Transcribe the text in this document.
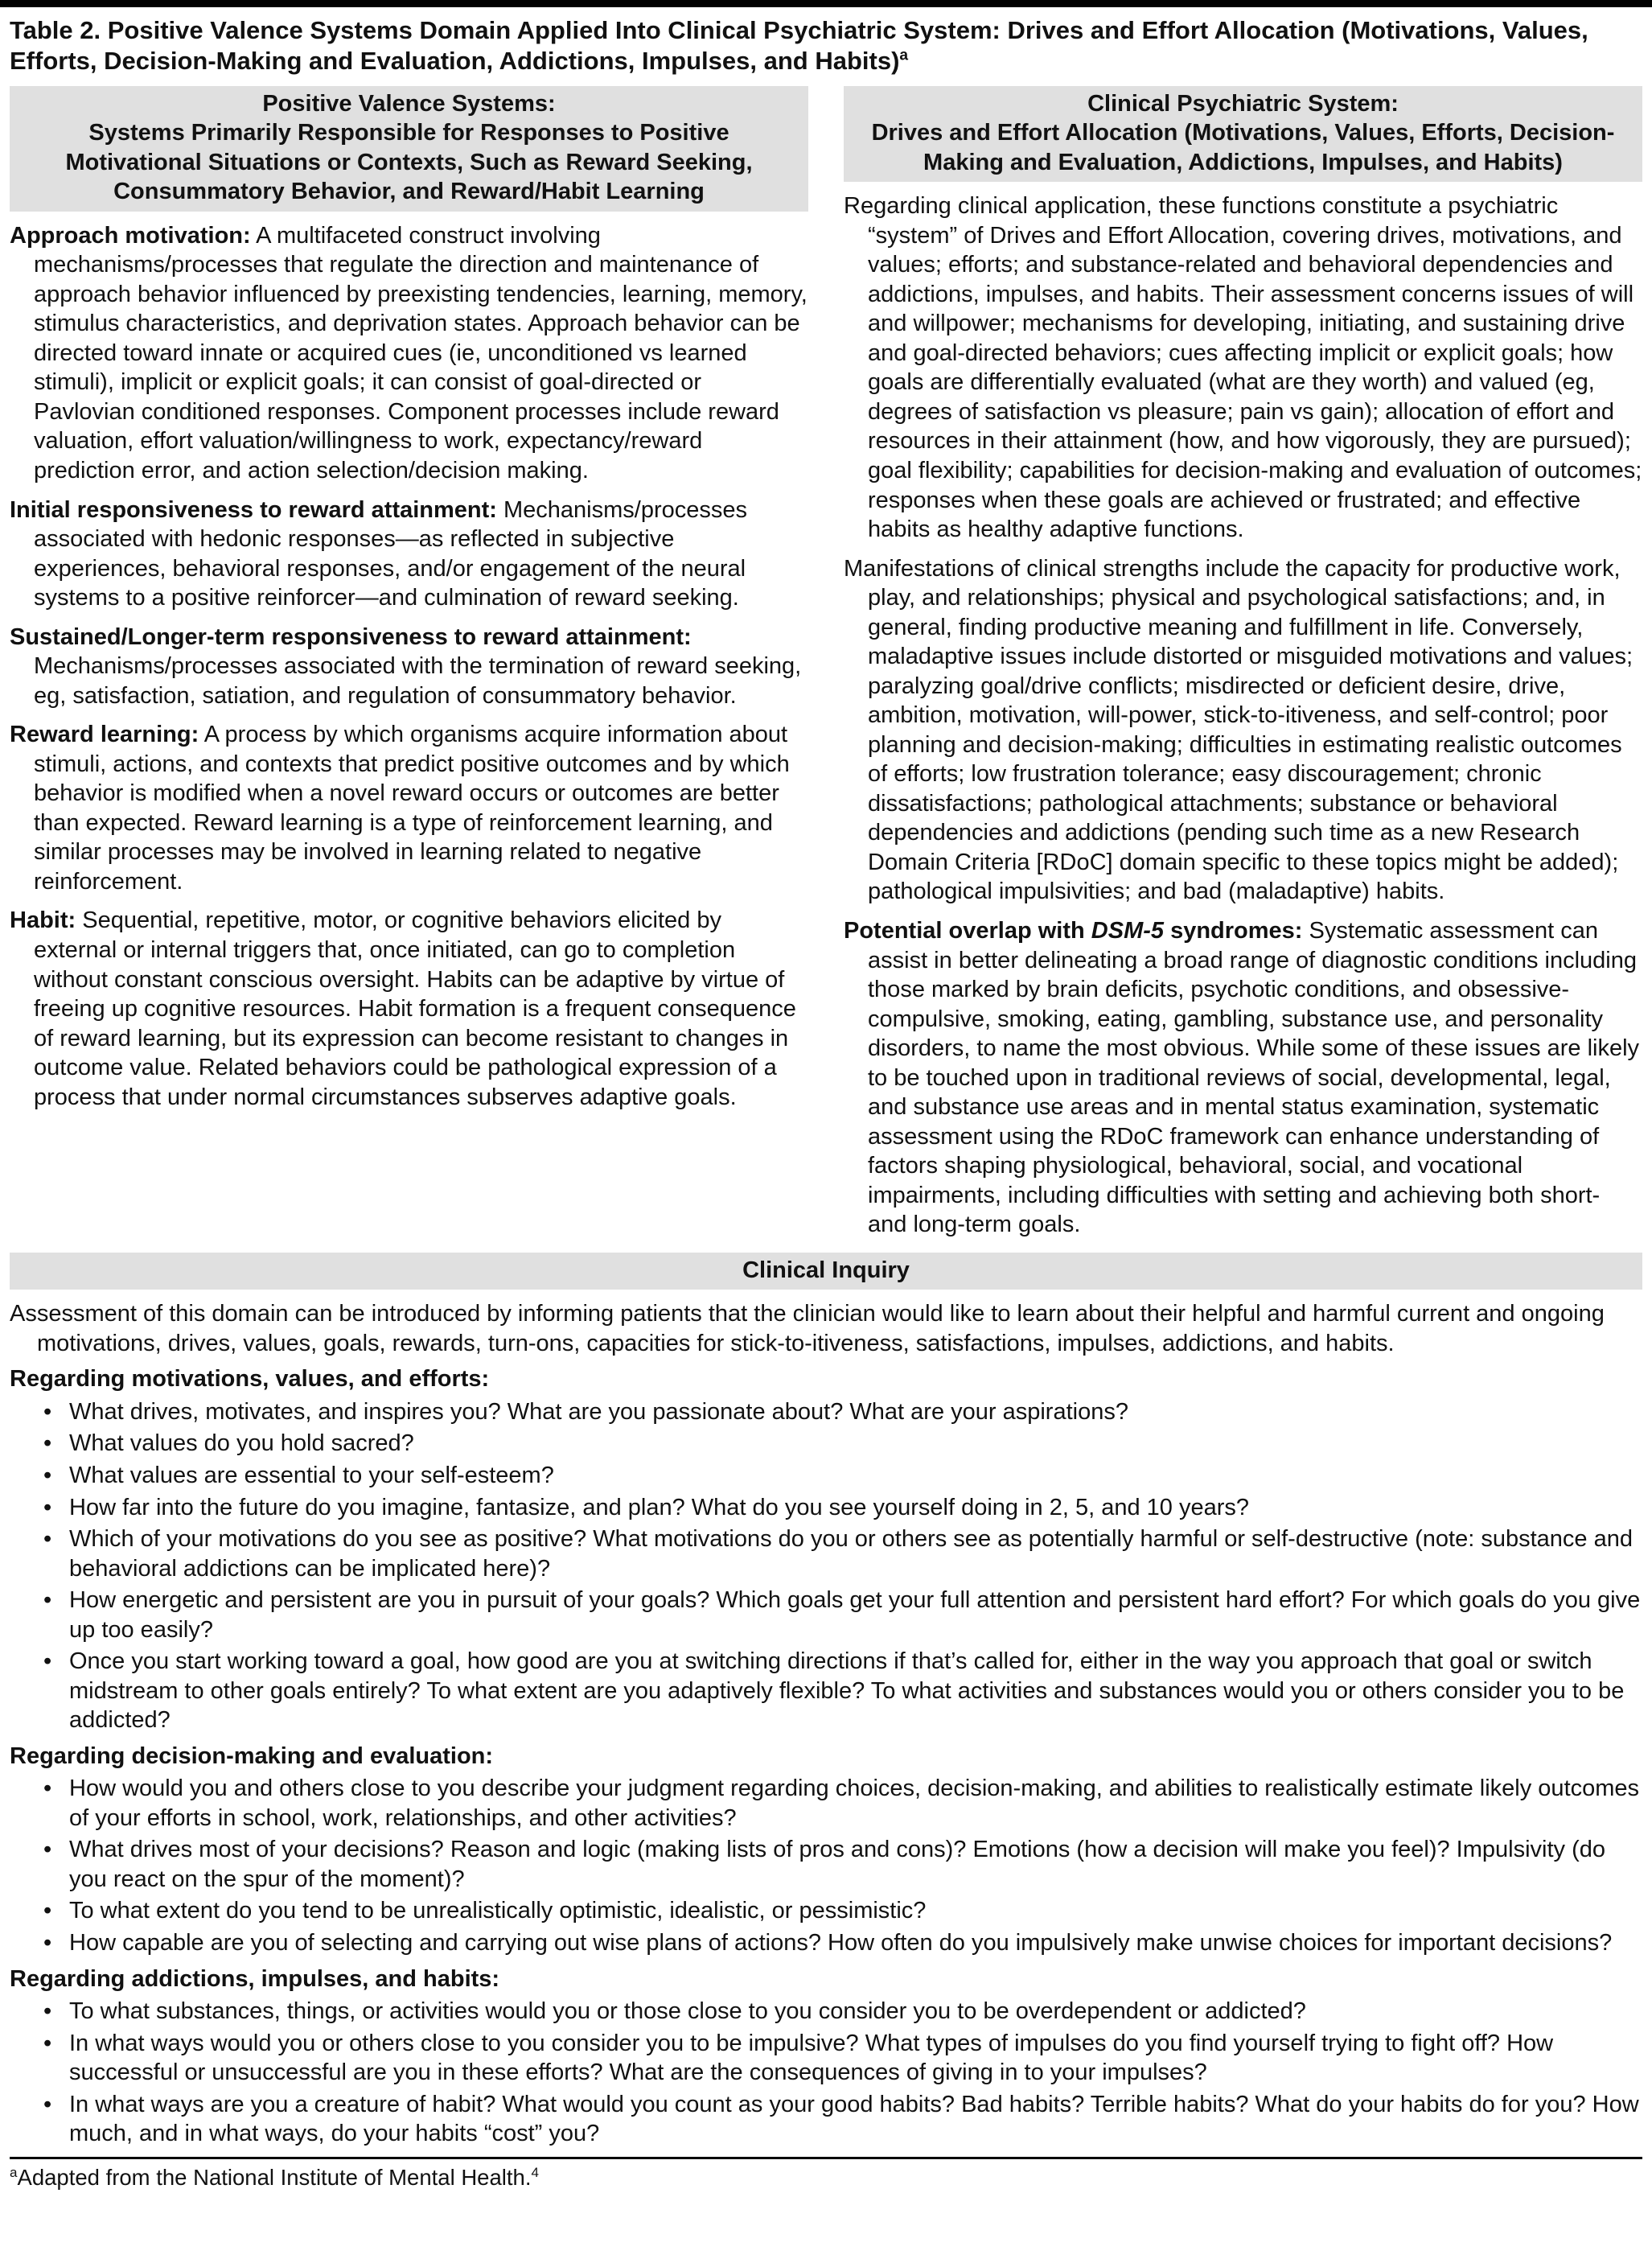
Table 2. Positive Valence Systems Domain Applied Into Clinical Psychiatric System: Drives and Effort Allocation (Motivations, Values, Efforts, Decision-Making and Evaluation, Addictions, Impulses, and Habits)$^a$
Positive Valence Systems:
Systems Primarily Responsible for Responses to Positive Motivational Situations or Contexts, Such as Reward Seeking, Consummatory Behavior, and Reward/Habit Learning

Approach motivation: A multifaceted construct involving mechanisms/processes that regulate the direction and maintenance of approach behavior influenced by preexisting tendencies, learning, memory, stimulus characteristics, and deprivation states. Approach behavior can be directed toward innate or acquired cues (ie, unconditioned vs learned stimuli), implicit or explicit goals; it can consist of goal-directed or Pavlovian conditioned responses. Component processes include reward valuation, effort valuation/willingness to work, expectancy/reward prediction error, and action selection/decision making.

Initial responsiveness to reward attainment: Mechanisms/processes associated with hedonic responses—as reflected in subjective experiences, behavioral responses, and/or engagement of the neural systems to a positive reinforcer—and culmination of reward seeking.

Sustained/Longer-term responsiveness to reward attainment: Mechanisms/processes associated with the termination of reward seeking, eg, satisfaction, satiation, and regulation of consummatory behavior.

Reward learning: A process by which organisms acquire information about stimuli, actions, and contexts that predict positive outcomes and by which behavior is modified when a novel reward occurs or outcomes are better than expected. Reward learning is a type of reinforcement learning, and similar processes may be involved in learning related to negative reinforcement.

Habit: Sequential, repetitive, motor, or cognitive behaviors elicited by external or internal triggers that, once initiated, can go to completion without constant conscious oversight. Habits can be adaptive by virtue of freeing up cognitive resources. Habit formation is a frequent consequence of reward learning, but its expression can become resistant to changes in outcome value. Related behaviors could be pathological expression of a process that under normal circumstances subserves adaptive goals.

Clinical Psychiatric System:
Drives and Effort Allocation (Motivations, Values, Efforts, Decision-Making and Evaluation, Addictions, Impulses, and Habits)

Regarding clinical application, these functions constitute a psychiatric “system” of Drives and Effort Allocation, covering drives, motivations, and values; efforts; and substance-related and behavioral dependencies and addictions, impulses, and habits. Their assessment concerns issues of will and willpower; mechanisms for developing, initiating, and sustaining drive and goal-directed behaviors; cues affecting implicit or explicit goals; how goals are differentially evaluated (what are they worth) and valued (eg, degrees of satisfaction vs pleasure; pain vs gain); allocation of effort and resources in their attainment (how, and how vigorously, they are pursued); goal flexibility; capabilities for decision-making and evaluation of outcomes; responses when these goals are achieved or frustrated; and effective habits as healthy adaptive functions.

Manifestations of clinical strengths include the capacity for productive work, play, and relationships; physical and psychological satisfactions; and, in general, finding productive meaning and fulfillment in life. Conversely, maladaptive issues include distorted or misguided motivations and values; paralyzing goal/drive conflicts; misdirected or deficient desire, drive, ambition, motivation, will-power, stick-to-itiveness, and self-control; poor planning and decision-making; difficulties in estimating realistic outcomes of efforts; low frustration tolerance; easy discouragement; chronic dissatisfactions; pathological attachments; substance or behavioral dependencies and addictions (pending such time as a new Research Domain Criteria [RDoC] domain specific to these topics might be added); pathological impulsivities; and bad (maladaptive) habits.

Potential overlap with DSM-5 syndromes: Systematic assessment can assist in better delineating a broad range of diagnostic conditions including those marked by brain deficits, psychotic conditions, and obsessive-compulsive, smoking, eating, gambling, substance use, and personality disorders, to name the most obvious. While some of these issues are likely to be touched upon in traditional reviews of social, developmental, legal, and substance use areas and in mental status examination, systematic assessment using the RDoC framework can enhance understanding of factors shaping physiological, behavioral, social, and vocational impairments, including difficulties with setting and achieving both short- and long-term goals.

Clinical Inquiry

Assessment of this domain can be introduced by informing patients that the clinician would like to learn about their helpful and harmful current and ongoing motivations, drives, values, goals, rewards, turn-ons, capacities for stick-to-itiveness, satisfactions, impulses, addictions, and habits.

Regarding motivations, values, and efforts:
• What drives, motivates, and inspires you? What are you passionate about? What are your aspirations?
• What values do you hold sacred?
• What values are essential to your self-esteem?
• How far into the future do you imagine, fantasize, and plan? What do you see yourself doing in 2, 5, and 10 years?
• Which of your motivations do you see as positive? What motivations do you or others see as potentially harmful or self-destructive (note: substance and behavioral addictions can be implicated here)?
• How energetic and persistent are you in pursuit of your goals? Which goals get your full attention and persistent hard effort? For which goals do you give up too easily?
• Once you start working toward a goal, how good are you at switching directions if that’s called for, either in the way you approach that goal or switch midstream to other goals entirely? To what extent are you adaptively flexible? To what activities and substances would you or others consider you to be addicted?
Regarding decision-making and evaluation:
• How would you and others close to you describe your judgment regarding choices, decision-making, and abilities to realistically estimate likely outcomes of your efforts in school, work, relationships, and other activities?
• What drives most of your decisions? Reason and logic (making lists of pros and cons)? Emotions (how a decision will make you feel)? Impulsivity (do you react on the spur of the moment)?
• To what extent do you tend to be unrealistically optimistic, idealistic, or pessimistic?
• How capable are you of selecting and carrying out wise plans of actions? How often do you impulsively make unwise choices for important decisions?
Regarding addictions, impulses, and habits:
• To what substances, things, or activities would you or those close to you consider you to be overdependent or addicted?
• In what ways would you or others close to you consider you to be impulsive? What types of impulses do you find yourself trying to fight off? How successful or unsuccessful are you in these efforts? What are the consequences of giving in to your impulses?
• In what ways are you a creature of habit? What would you count as your good habits? Bad habits? Terrible habits? What do your habits do for you? How much, and in what ways, do your habits “cost” you?
$^a$Adapted from the National Institute of Mental Health.$^4$
